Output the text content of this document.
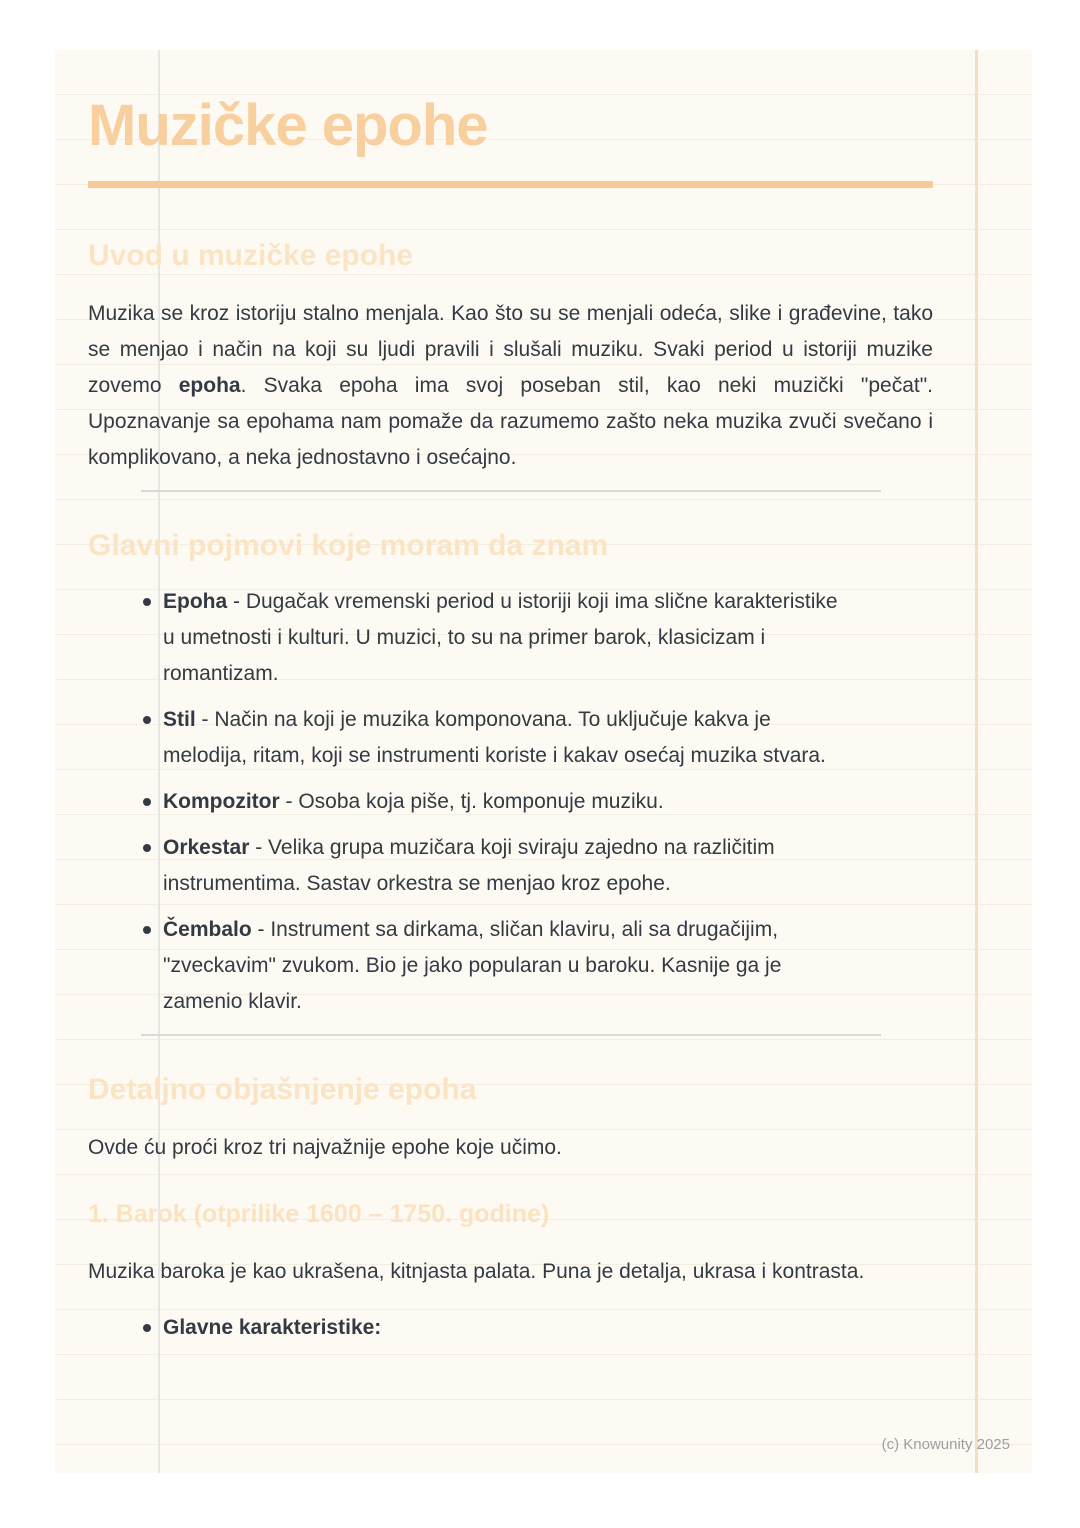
Muzičke epohe
Uvod u muzičke epohe

Muzika se kroz istoriju stalno menjala. Kao što su se menjali odeća, slike i građevine, tako se menjao i način na koji su ljudi pravili i slušali muziku. Svaki period u istoriji muzike zovemo epoha. Svaka epoha ima svoj poseban stil, kao neki muzički "pečat". Upoznavanje sa epohama nam pomaže da razumemo zašto neka muzika zvuči svečano i komplikovano, a neka jednostavno i osećajno.

Glavni pojmovi koje moram da znam
Epoha - Dugačak vremenski period u istoriji koji ima slične karakteristike u umetnosti i kulturi. U muzici, to su na primer barok, klasicizam i romantizam.
Stil - Način na koji je muzika komponovana. To uključuje kakva je melodija, ritam, koji se instrumenti koriste i kakav osećaj muzika stvara.
Kompozitor - Osoba koja piše, tj. komponuje muziku.
Orkestar - Velika grupa muzičara koji sviraju zajedno na različitim instrumentima. Sastav orkestra se menjao kroz epohe.
Čembalo - Instrument sa dirkama, sličan klaviru, ali sa drugačijim, "zveckavim" zvukom. Bio je jako popularan u baroku. Kasnije ga je zamenio klavir.
Detaljno objašnjenje epoha

Ovde ću proći kroz tri najvažnije epohe koje učimo.

1. Barok (otprilike 1600 – 1750. godine)

Muzika baroka je kao ukrašena, kitnjasta palata. Puna je detalja, ukrasa i kontrasta.

Glavne karakteristike:
(c) Knowunity 2025
